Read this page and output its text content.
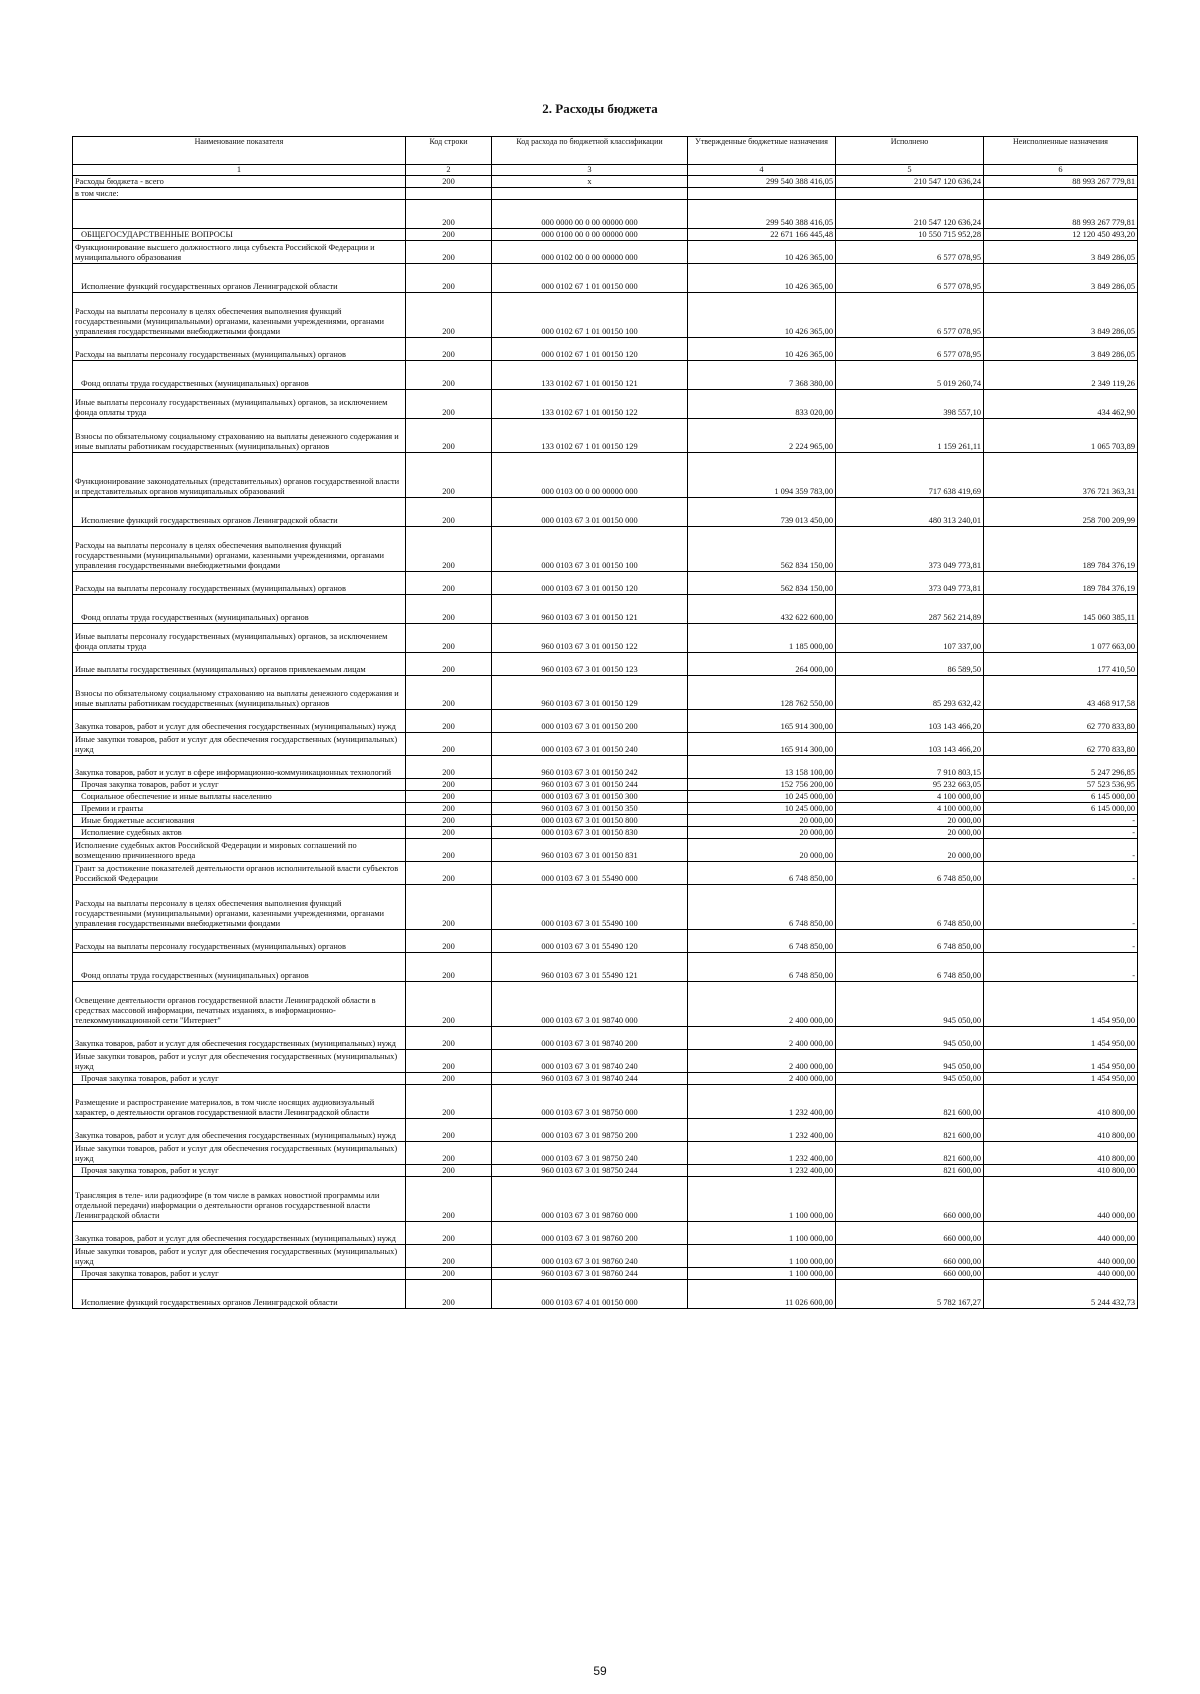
2. Расходы бюджета
Наименование показателя	Код строки	Код расхода по бюджетной классификации	Утвержденные бюджетные назначения	Исполнено	Неисполненные назначения
1	2	3	4	5	6
Расходы бюджета - всего	200	x	299 540 388 416,05	210 547 120 636,24	88 993 267 779,81
в том числе:					
	200	000 0000 00 0 00 00000 000	299 540 388 416,05	210 547 120 636,24	88 993 267 779,81
ОБЩЕГОСУДАРСТВЕННЫЕ ВОПРОСЫ	200	000 0100 00 0 00 00000 000	22 671 166 445,48	10 550 715 952,28	12 120 450 493,20
Функционирование высшего должностного лица субъекта Российской Федерации и муниципального образования	200	000 0102 00 0 00 00000 000	10 426 365,00	6 577 078,95	3 849 286,05
Исполнение функций государственных органов Ленинградской области	200	000 0102 67 1 01 00150 000	10 426 365,00	6 577 078,95	3 849 286,05
Расходы на выплаты персоналу в целях обеспечения выполнения функций государственными (муниципальными) органами, казенными учреждениями, органами управления государственными внебюджетными фондами	200	000 0102 67 1 01 00150 100	10 426 365,00	6 577 078,95	3 849 286,05
Расходы на выплаты персоналу государственных (муниципальных) органов	200	000 0102 67 1 01 00150 120	10 426 365,00	6 577 078,95	3 849 286,05
Фонд оплаты труда государственных (муниципальных) органов	200	133 0102 67 1 01 00150 121	7 368 380,00	5 019 260,74	2 349 119,26
Иные выплаты персоналу государственных (муниципальных) органов, за исключением фонда оплаты труда	200	133 0102 67 1 01 00150 122	833 020,00	398 557,10	434 462,90
Взносы по обязательному социальному страхованию на выплаты денежного содержания и иные выплаты работникам государственных (муниципальных) органов	200	133 0102 67 1 01 00150 129	2 224 965,00	1 159 261,11	1 065 703,89
Функционирование законодательных (представительных) органов государственной власти и представительных органов муниципальных образований	200	000 0103 00 0 00 00000 000	1 094 359 783,00	717 638 419,69	376 721 363,31
Исполнение функций государственных органов Ленинградской области	200	000 0103 67 3 01 00150 000	739 013 450,00	480 313 240,01	258 700 209,99
Расходы на выплаты персоналу в целях обеспечения выполнения функций государственными (муниципальными) органами, казенными учреждениями, органами управления государственными внебюджетными фондами	200	000 0103 67 3 01 00150 100	562 834 150,00	373 049 773,81	189 784 376,19
Расходы на выплаты персоналу государственных (муниципальных) органов	200	000 0103 67 3 01 00150 120	562 834 150,00	373 049 773,81	189 784 376,19
Фонд оплаты труда государственных (муниципальных) органов	200	960 0103 67 3 01 00150 121	432 622 600,00	287 562 214,89	145 060 385,11
Иные выплаты персоналу государственных (муниципальных) органов, за исключением фонда оплаты труда	200	960 0103 67 3 01 00150 122	1 185 000,00	107 337,00	1 077 663,00
Иные выплаты государственных (муниципальных) органов привлекаемым лицам	200	960 0103 67 3 01 00150 123	264 000,00	86 589,50	177 410,50
Взносы по обязательному социальному страхованию на выплаты денежного содержания и иные выплаты работникам государственных (муниципальных) органов	200	960 0103 67 3 01 00150 129	128 762 550,00	85 293 632,42	43 468 917,58
Закупка товаров, работ и услуг для обеспечения государственных (муниципальных) нужд	200	000 0103 67 3 01 00150 200	165 914 300,00	103 143 466,20	62 770 833,80
Иные закупки товаров, работ и услуг для обеспечения государственных (муниципальных) нужд	200	000 0103 67 3 01 00150 240	165 914 300,00	103 143 466,20	62 770 833,80
Закупка товаров, работ и услуг в сфере информационно-коммуникационных технологий	200	960 0103 67 3 01 00150 242	13 158 100,00	7 910 803,15	5 247 296,85
Прочая закупка товаров, работ и услуг	200	960 0103 67 3 01 00150 244	152 756 200,00	95 232 663,05	57 523 536,95
Социальное обеспечение и иные выплаты населению	200	000 0103 67 3 01 00150 300	10 245 000,00	4 100 000,00	6 145 000,00
Премии и гранты	200	960 0103 67 3 01 00150 350	10 245 000,00	4 100 000,00	6 145 000,00
Иные бюджетные ассигнования	200	000 0103 67 3 01 00150 800	20 000,00	20 000,00	-
Исполнение судебных актов	200	000 0103 67 3 01 00150 830	20 000,00	20 000,00	-
Исполнение судебных актов Российской Федерации и мировых соглашений по возмещению причиненного вреда	200	960 0103 67 3 01 00150 831	20 000,00	20 000,00	-
Грант за достижение показателей деятельности органов исполнительной власти субъектов Российской Федерации	200	000 0103 67 3 01 55490 000	6 748 850,00	6 748 850,00	-
Расходы на выплаты персоналу в целях обеспечения выполнения функций государственными (муниципальными) органами, казенными учреждениями, органами управления государственными внебюджетными фондами	200	000 0103 67 3 01 55490 100	6 748 850,00	6 748 850,00	-
Расходы на выплаты персоналу государственных (муниципальных) органов	200	000 0103 67 3 01 55490 120	6 748 850,00	6 748 850,00	-
Фонд оплаты труда государственных (муниципальных) органов	200	960 0103 67 3 01 55490 121	6 748 850,00	6 748 850,00	-
Освещение деятельности органов государственной власти Ленинградской области в средствах массовой информации, печатных изданиях, в информационно-телекоммуникационной сети "Интернет"	200	000 0103 67 3 01 98740 000	2 400 000,00	945 050,00	1 454 950,00
Закупка товаров, работ и услуг для обеспечения государственных (муниципальных) нужд	200	000 0103 67 3 01 98740 200	2 400 000,00	945 050,00	1 454 950,00
Иные закупки товаров, работ и услуг для обеспечения государственных (муниципальных) нужд	200	000 0103 67 3 01 98740 240	2 400 000,00	945 050,00	1 454 950,00
Прочая закупка товаров, работ и услуг	200	960 0103 67 3 01 98740 244	2 400 000,00	945 050,00	1 454 950,00
Размещение и распространение материалов, в том числе носящих аудиовизуальный характер, о деятельности органов государственной власти Ленинградской области	200	000 0103 67 3 01 98750 000	1 232 400,00	821 600,00	410 800,00
Закупка товаров, работ и услуг для обеспечения государственных (муниципальных) нужд	200	000 0103 67 3 01 98750 200	1 232 400,00	821 600,00	410 800,00
Иные закупки товаров, работ и услуг для обеспечения государственных (муниципальных) нужд	200	000 0103 67 3 01 98750 240	1 232 400,00	821 600,00	410 800,00
Прочая закупка товаров, работ и услуг	200	960 0103 67 3 01 98750 244	1 232 400,00	821 600,00	410 800,00
Трансляция в теле- или радиоэфире (в том числе в рамках новостной программы или отдельной передачи) информации о деятельности органов государственной власти Ленинградской области	200	000 0103 67 3 01 98760 000	1 100 000,00	660 000,00	440 000,00
Закупка товаров, работ и услуг для обеспечения государственных (муниципальных) нужд	200	000 0103 67 3 01 98760 200	1 100 000,00	660 000,00	440 000,00
Иные закупки товаров, работ и услуг для обеспечения государственных (муниципальных) нужд	200	000 0103 67 3 01 98760 240	1 100 000,00	660 000,00	440 000,00
Прочая закупка товаров, работ и услуг	200	960 0103 67 3 01 98760 244	1 100 000,00	660 000,00	440 000,00
Исполнение функций государственных органов Ленинградской области	200	000 0103 67 4 01 00150 000	11 026 600,00	5 782 167,27	5 244 432,73
59
